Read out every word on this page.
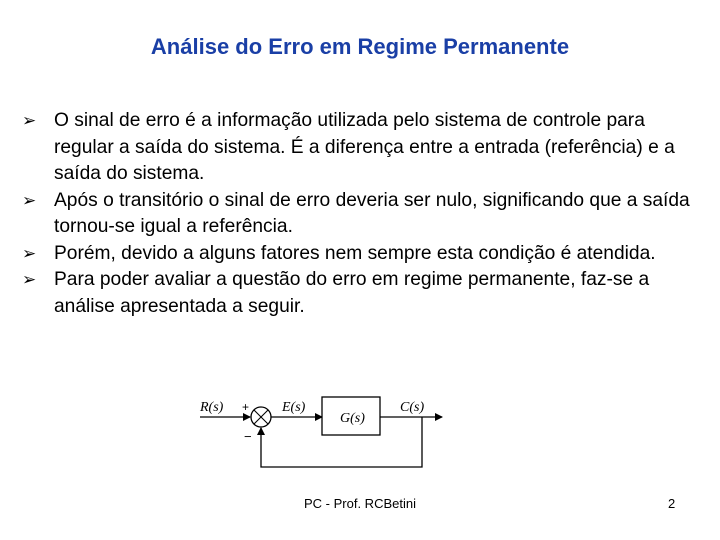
Análise do Erro em Regime Permanente
➢ O sinal de erro é a informação utilizada pelo sistema de controle para regular a saída do sistema. É a diferença entre a entrada (referência) e a saída do sistema.
➢ Após o transitório o sinal de erro deveria ser nulo, significando que a saída tornou-se igual a referência.
➢ Porém, devido a alguns fatores nem sempre esta condição é atendida.
➢ Para poder avaliar a questão do erro em regime permanente, faz-se a análise apresentada a seguir.
R(s)	E(s)
G(s)
C(s)
+
−
PC - Prof. RCBetini	2
